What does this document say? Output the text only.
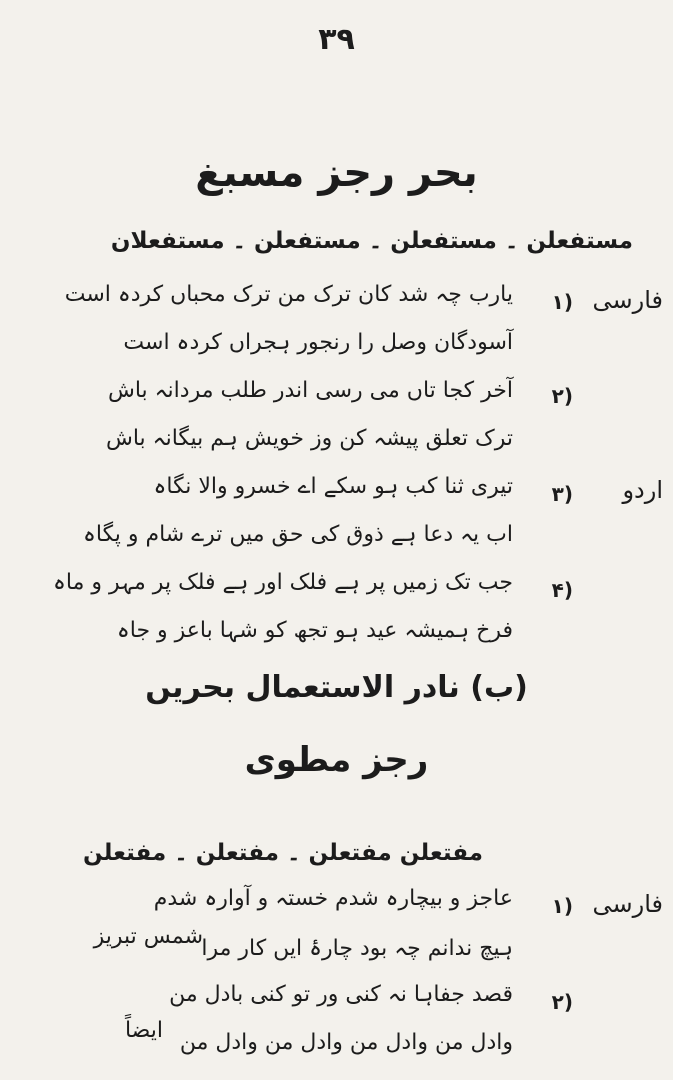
۳۹
بحر رجز مسبغ
مستفعلن ۔ مستفعلن ۔ مستفعلن ۔ مستفعلان
فارسی
(۱
یارب چہ شد کان ترک من ترک محباں کردہ است
آسودگان وصل را رنجور ہجراں کردہ است
(۲
آخر کجا تاں می رسی اندر طلب مردانہ باش
ترک تعلق پیشہ کن وز خویش ہم بیگانہ باش
اردو
(۳
تیری ثنا کب ہو سکے اے خسرو والا نگاہ
اب یہ دعا ہے ذوق کی حق میں ترے شام و پگاہ
(۴
جب تک زمیں پر ہے فلک اور ہے فلک پر مہر و ماہ
فرخ ہمیشہ عید ہو تجھ کو شہا باعز و جاہ
(ب) نادر الاستعمال بحریں
رجز مطوی
مفتعلن مفتعلن ۔ مفتعلن ۔ مفتعلن
فارسی
(۱
عاجز و بیچارہ شدم خستہ و آوارہ شدم
ہیچ ندانم چہ بود چارۂ ایں کار مرا
شمس تبریز
(۲
قصد جفاہا نہ کنی ور تو کنی بادل من
وادل من وادل من وادل من وادل من
ایضاً
